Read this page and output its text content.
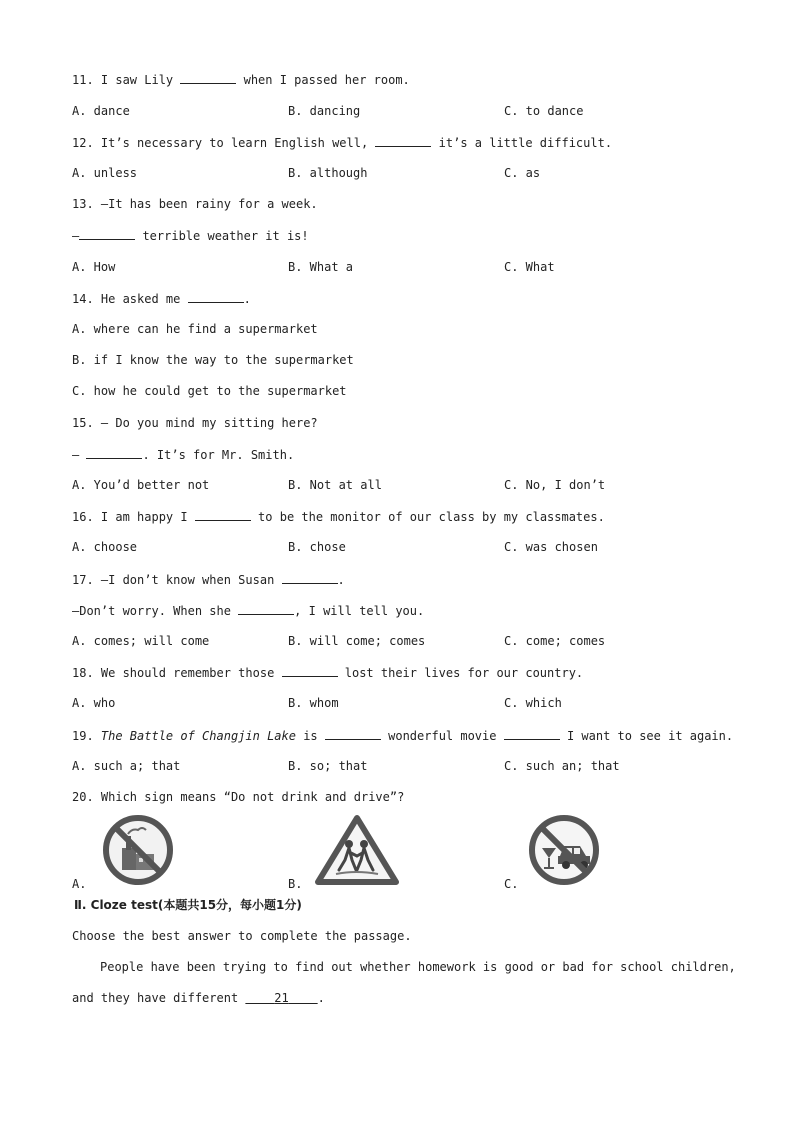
11. I saw Lily	when I passed her room.
A. dance	B. dancing	C. to dance
12. It’s necessary to learn English well,	it’s a little difficult.
A. unless	B. although	C. as
13. —It has been rainy for a week.
—	terrible weather it is!
A. How	B. What a	C. What
14. He asked me	.
A. where can he find a supermarket
B. if I know the way to the supermarket
C. how he could get to the supermarket
15. — Do you mind my sitting here?
—	. It’s for Mr. Smith.
A. You’d better not	B. Not at all	C. No, I don’t
16. I am happy I	to be the monitor of our class by my classmates.
A. choose	B. chose	C. was chosen
17. —I don’t know when Susan	.
—Don’t worry. When she	, I will tell you.
A. comes; will come	B. will come; comes	C. come; comes
18. We should remember those	lost their lives for our country.
A. who	B. whom	C. which
19. The Battle of Changjin Lake is	wonderful movie	I want to see it again.
A. such a; that	B. so; that	C. such an; that
20. Which sign means “Do not drink and drive”?
A.	B.	C.
Ⅱ. Cloze test(本题共15分，每小题1分)
Choose the best answer to complete the passage.
People have been trying to find out whether homework is good or bad for school children,
and they have different     21 .
